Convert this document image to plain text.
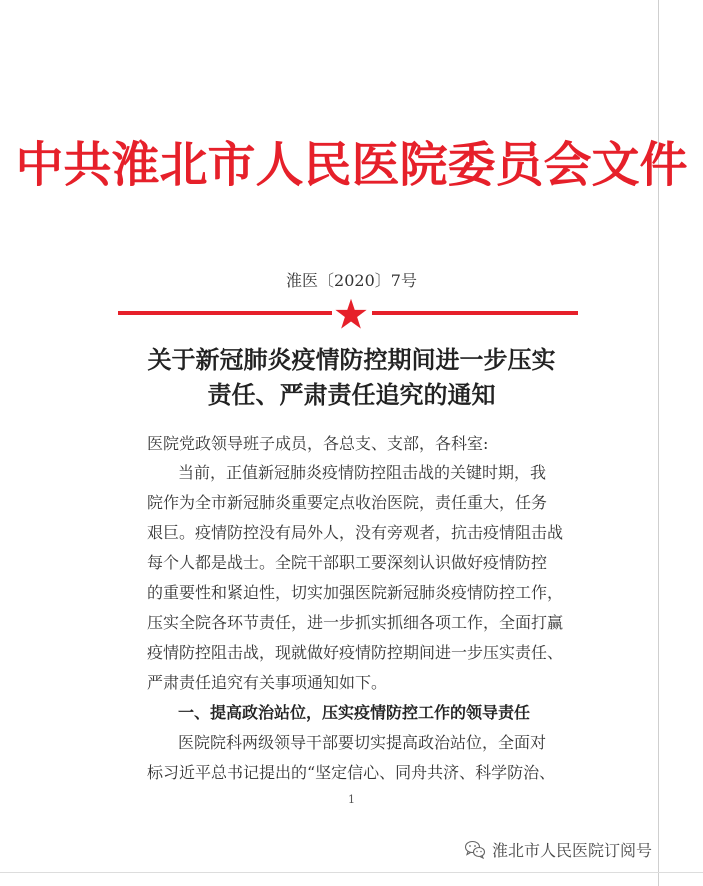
中共淮北市人民医院委员会文件
淮医〔2020〕7号
关于新冠肺炎疫情防控期间进一步压实
责任、严肃责任追究的通知
医院党政领导班子成员，各总支、支部，各科室:
当前，正值新冠肺炎疫情防控阻击战的关键时期，我
院作为全市新冠肺炎重要定点收治医院，责任重大，任务
艰巨。疫情防控没有局外人，没有旁观者，抗击疫情阻击战
每个人都是战士。全院干部职工要深刻认识做好疫情防控
的重要性和紧迫性，切实加强医院新冠肺炎疫情防控工作，
压实全院各环节责任，进一步抓实抓细各项工作，全面打赢
疫情防控阻击战，现就做好疫情防控期间进一步压实责任、
严肃责任追究有关事项通知如下。
一、提高政治站位，压实疫情防控工作的领导责任
医院院科两级领导干部要切实提高政治站位，全面对
标习近平总书记提出的“坚定信心、同舟共济、科学防治、
1
淮北市人民医院订阅号
